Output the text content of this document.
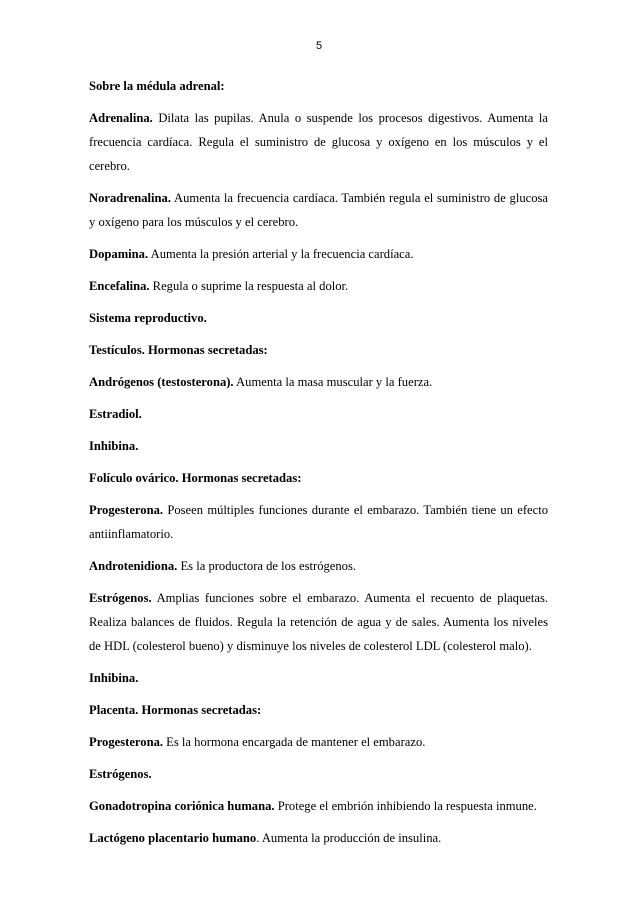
5

Sobre la médula adrenal:

Adrenalina. Dilata las pupilas. Anula o suspende los procesos digestivos. Aumenta la frecuencia cardíaca. Regula el suministro de glucosa y oxígeno en los músculos y el cerebro.

Noradrenalina. Aumenta la frecuencia cardíaca. También regula el suministro de glucosa y oxígeno para los músculos y el cerebro.

Dopamina. Aumenta la presión arterial y la frecuencia cardíaca.

Encefalina. Regula o suprime la respuesta al dolor.

Sistema reproductivo.

Testículos. Hormonas secretadas:

Andrógenos (testosterona). Aumenta la masa muscular y la fuerza.

Estradiol.

Inhibina.

Folículo ovárico. Hormonas secretadas:

Progesterona. Poseen múltiples funciones durante el embarazo. También tiene un efecto antiinflamatorio.

Androtenidiona. Es la productora de los estrógenos.

Estrógenos. Amplias funciones sobre el embarazo. Aumenta el recuento de plaquetas. Realiza balances de fluidos. Regula la retención de agua y de sales. Aumenta los niveles de HDL (colesterol bueno) y disminuye los niveles de colesterol LDL (colesterol malo).

Inhibina.

Placenta. Hormonas secretadas:

Progesterona. Es la hormona encargada de mantener el embarazo.

Estrógenos.

Gonadotropina coriónica humana. Protege el embrión inhibiendo la respuesta inmune.

Lactógeno placentario humano. Aumenta la producción de insulina.
